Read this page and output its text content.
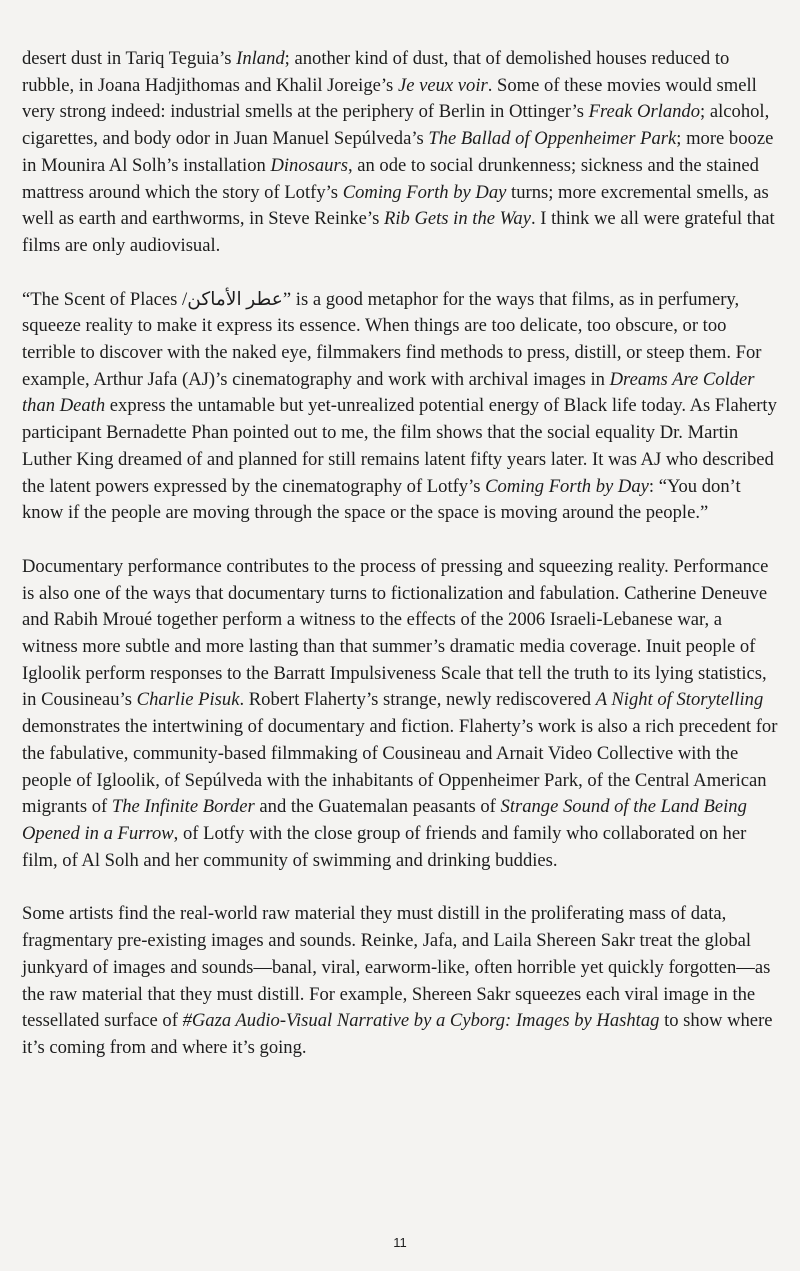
desert dust in Tariq Teguia’s Inland; another kind of dust, that of demolished houses reduced to rubble, in Joana Hadjithomas and Khalil Joreige’s Je veux voir. Some of these movies would smell very strong indeed: industrial smells at the periphery of Berlin in Ottinger’s Freak Orlando; alcohol, cigarettes, and body odor in Juan Manuel Sepúlveda’s The Ballad of Oppenheimer Park; more booze in Mounira Al Solh’s installation Dinosaurs, an ode to social drunkenness; sickness and the stained mattress around which the story of Lotfy’s Coming Forth by Day turns; more excremental smells, as well as earth and earthworms, in Steve Reinke’s Rib Gets in the Way. I think we all were grateful that films are only audiovisual.

“The Scent of Places /عطر الأماكن” is a good metaphor for the ways that films, as in perfumery, squeeze reality to make it express its essence. When things are too delicate, too obscure, or too terrible to discover with the naked eye, filmmakers find methods to press, distill, or steep them. For example, Arthur Jafa (AJ)’s cinematography and work with archival images in Dreams Are Colder than Death express the untamable but yet-unrealized potential energy of Black life today. As Flaherty participant Bernadette Phan pointed out to me, the film shows that the social equality Dr. Martin Luther King dreamed of and planned for still remains latent fifty years later. It was AJ who described the latent powers expressed by the cinematography of Lotfy’s Coming Forth by Day: “You don’t know if the people are moving through the space or the space is moving around the people.”

Documentary performance contributes to the process of pressing and squeezing reality. Performance is also one of the ways that documentary turns to fictionalization and fabulation. Catherine Deneuve and Rabih Mroué together perform a witness to the effects of the 2006 Israeli-Lebanese war, a witness more subtle and more lasting than that summer’s dramatic media coverage. Inuit people of Igloolik perform responses to the Barratt Impulsiveness Scale that tell the truth to its lying statistics, in Cousineau’s Charlie Pisuk. Robert Flaherty’s strange, newly rediscovered A Night of Storytelling demonstrates the intertwining of documentary and fiction. Flaherty’s work is also a rich precedent for the fabulative, community-based filmmaking of Cousineau and Arnait Video Collective with the people of Igloolik, of Sepúlveda with the inhabitants of Oppenheimer Park, of the Central American migrants of The Infinite Border and the Guatemalan peasants of Strange Sound of the Land Being Opened in a Furrow, of Lotfy with the close group of friends and family who collaborated on her film, of Al Solh and her community of swimming and drinking buddies.

Some artists find the real-world raw material they must distill in the proliferating mass of data, fragmentary pre-existing images and sounds. Reinke, Jafa, and Laila Shereen Sakr treat the global junkyard of images and sounds—banal, viral, earworm-like, often horrible yet quickly forgotten—as the raw material that they must distill. For example, Shereen Sakr squeezes each viral image in the tessellated surface of #Gaza Audio-Visual Narrative by a Cyborg: Images by Hashtag to show where it’s coming from and where it’s going.

11
